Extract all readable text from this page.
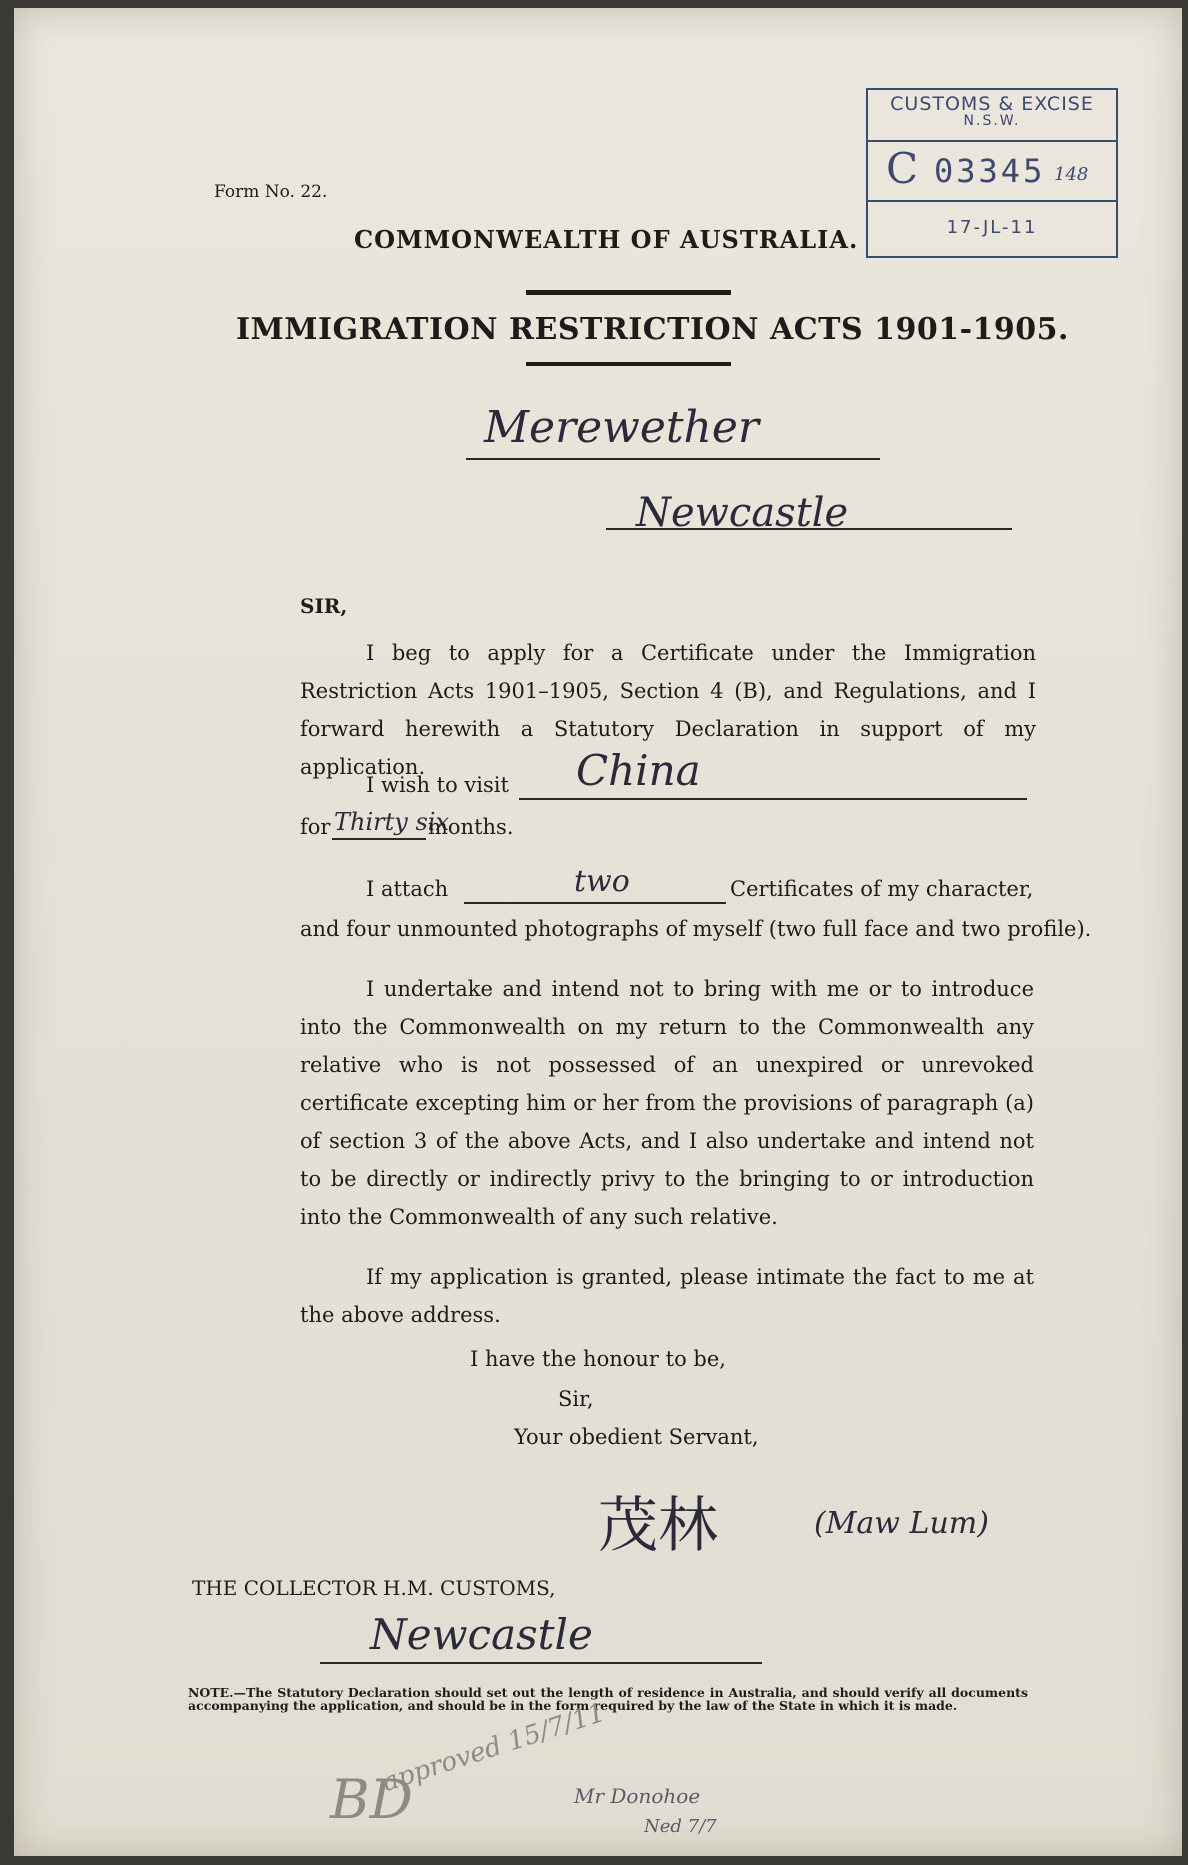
CUSTOMS & EXCISE
N.S.W.
C 03345 148
17-JL-11
Form No. 22.
COMMONWEALTH OF AUSTRALIA.
IMMIGRATION RESTRICTION ACTS 1901-1905.
Merewether
Newcastle
SIR,
I beg to apply for a Certificate under the Immigration Restriction Acts 1901–1905, Section 4 (B), and Regulations, and I forward herewith a Statutory Declaration in support of my application.
I wish to visit China
for Thirty six
months.
I attach	two	Certificates of my character,
and four unmounted photographs of myself (two full face and two profile).
I undertake and intend not to bring with me or to introduce into the Commonwealth on my return to the Commonwealth any relative who is not possessed of an unexpired or unrevoked certificate excepting him or her from the provisions of paragraph (a) of section 3 of the above Acts, and I also undertake and intend not to be directly or indirectly privy to the bringing to or introduction into the Commonwealth of any such relative.
If my application is granted, please intimate the fact to me at the above address.
I have the honour to be,
Sir,
Your obedient Servant,
茂林	(Maw Lum)
THE COLLECTOR H.M. CUSTOMS,
Newcastle
NOTE.—The Statutory Declaration should set out the length of residence in Australia, and should verify all documents accompanying the application, and should be in the form required by the law of the State in which it is made.
BD
approved 15/7/11
Mr Donohoe
Ned 7/7
